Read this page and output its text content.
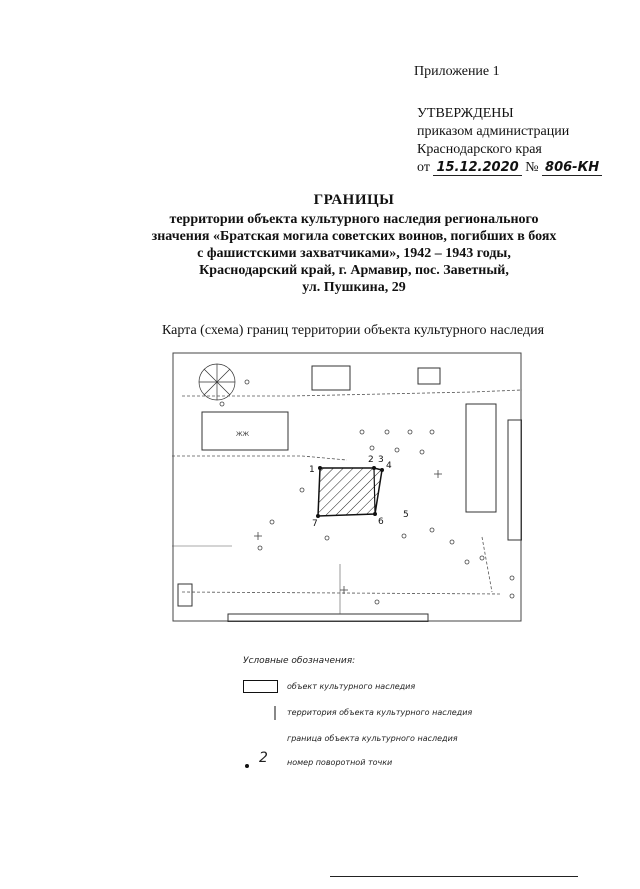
Приложение 1
УТВЕРЖДЕНЫ
приказом администрации
Краснодарского края
от 15.12.2020 № 806-КН
ГРАНИЦЫ
территории объекта культурного наследия регионального
значения «Братская могила советских воинов, погибших в боях
с фашистскими захватчиками», 1942 – 1943 годы,
Краснодарский край, г. Армавир, пос. Заветный,
ул. Пушкина, 29
Карта (схема) границ территории объекта культурного наследия
ЖЖ
1
2 3
4
5
6
7
Условные обозначения:
объект культурного наследия
территория объекта культурного наследия
граница объекта культурного наследия
2 номер поворотной точки
